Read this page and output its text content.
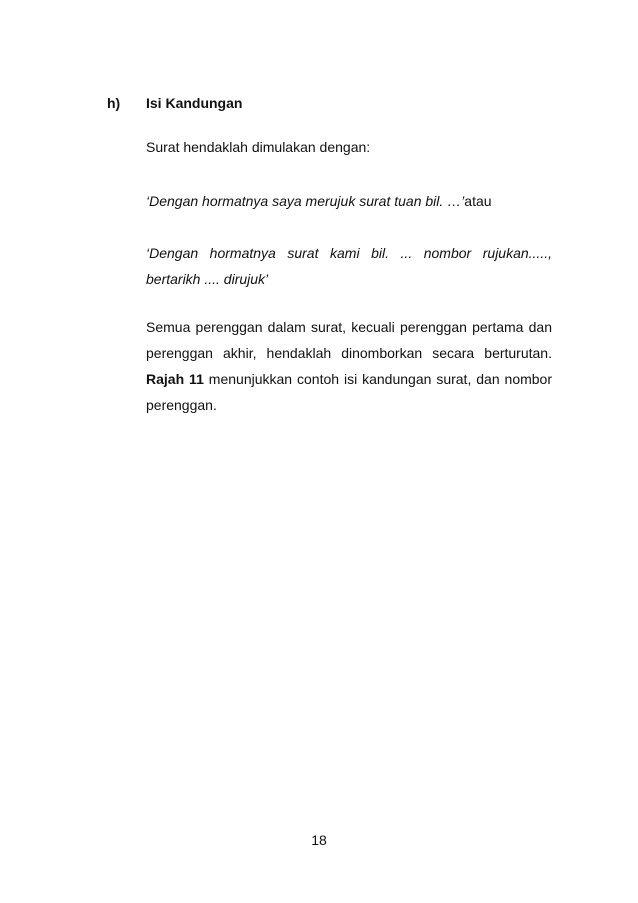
h) Isi Kandungan
Surat hendaklah dimulakan dengan:
‘Dengan hormatnya saya merujuk surat tuan bil. …’atau
‘Dengan hormatnya surat kami bil. ... nombor rujukan....., bertarikh .... dirujuk’
Semua perenggan dalam surat, kecuali perenggan pertama dan perenggan akhir, hendaklah dinomborkan secara berturutan. Rajah 11 menunjukkan contoh isi kandungan surat, dan nombor perenggan.
18
